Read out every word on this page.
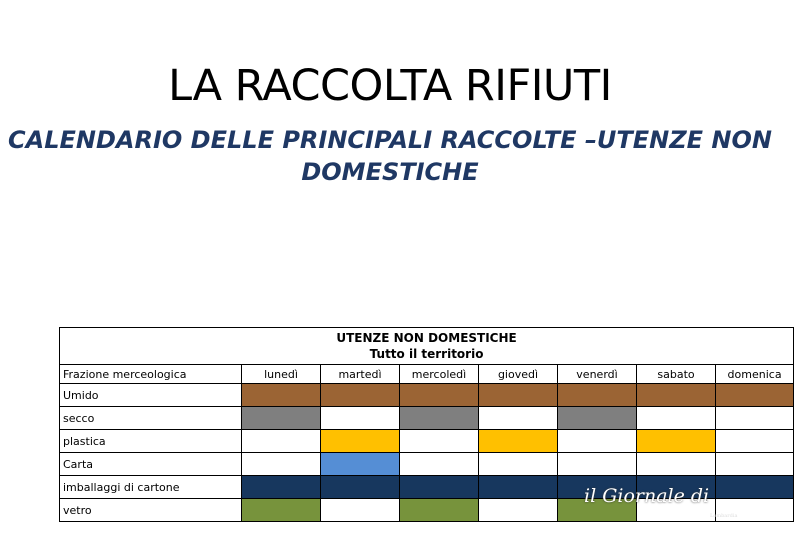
LA RACCOLTA RIFIUTI
CALENDARIO DELLE PRINCIPALI RACCOLTE –UTENZE NON
DOMESTICHE
UTENZE NON DOMESTICHE
Tutto il territorio							
Frazione merceologica	lunedì	martedì	mercoledì	giovedì	venerdì	sabato	domenica
Umido							
secco							
plastica							
Carta							
imballaggi di cartone							
vetro							
il Giornale di
Lombardia
